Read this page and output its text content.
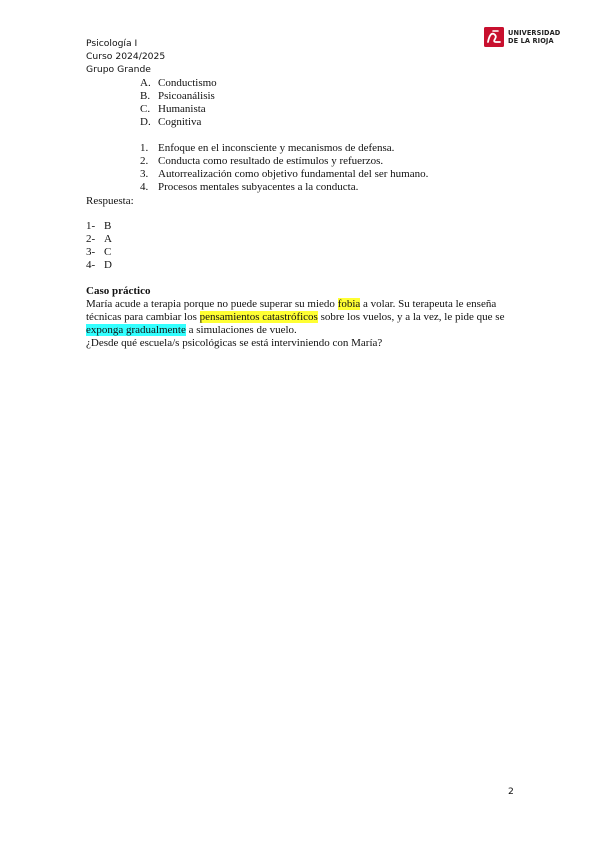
Psicología I
Curso 2024/2025
Grupo Grande
UNIVERSIDAD
DE LA RIOJA
A. Conductismo
B. Psicoanálisis
C. Humanista
D. Cognitiva
1. Enfoque en el inconsciente y mecanismos de defensa.
2. Conducta como resultado de estímulos y refuerzos.
3. Autorrealización como objetivo fundamental del ser humano.
4. Procesos mentales subyacentes a la conducta.
Respuesta:
1- B
2- A
3- C
4- D
Caso práctico
María acude a terapia porque no puede superar su miedo fobia a volar. Su terapeuta le enseña
técnicas para cambiar los pensamientos catastróficos sobre los vuelos, y a la vez, le pide que se
exponga gradualmente a simulaciones de vuelo.
¿Desde qué escuela/s psicológicas se está interviniendo con María?
2
